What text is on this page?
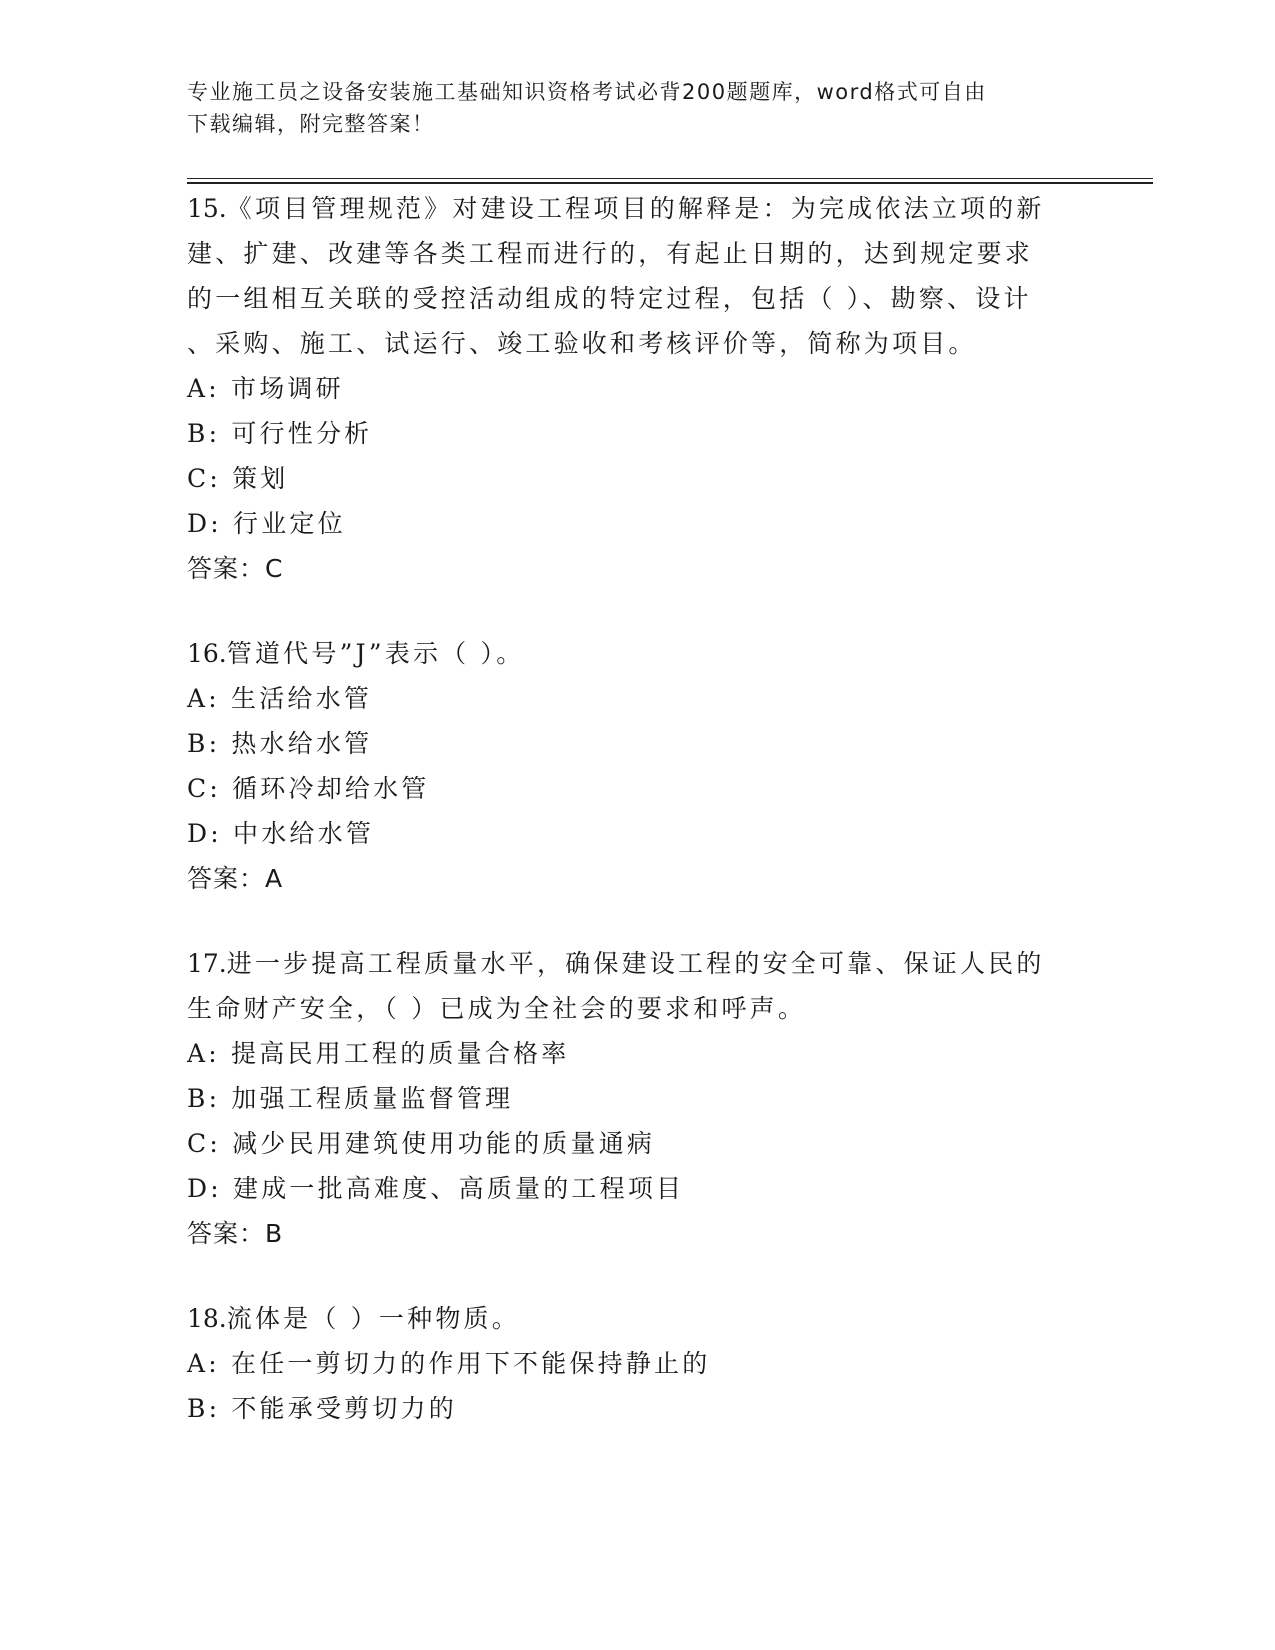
专业施工员之设备安装施工基础知识资格考试必背200题题库，word格式可自由
下载编辑，附完整答案！
15.《项目管理规范》对建设工程项目的解释是：为完成依法立项的新
建、扩建、改建等各类工程而进行的，有起止日期的，达到规定要求
的一组相互关联的受控活动组成的特定过程，包括（ ）、勘察、设计
、采购、施工、试运行、竣工验收和考核评价等，简称为项目。
A: 市场调研
B: 可行性分析
C: 策划
D: 行业定位
答案：C
16.管道代号”J”表示（ ）。
A: 生活给水管
B: 热水给水管
C: 循环冷却给水管
D: 中水给水管
答案：A
17.进一步提高工程质量水平，确保建设工程的安全可靠、保证人民的
生命财产安全，（ ）已成为全社会的要求和呼声。
A: 提高民用工程的质量合格率
B: 加强工程质量监督管理
C: 减少民用建筑使用功能的质量通病
D: 建成一批高难度、高质量的工程项目
答案：B
18.流体是（ ）一种物质。
A: 在任一剪切力的作用下不能保持静止的
B: 不能承受剪切力的
